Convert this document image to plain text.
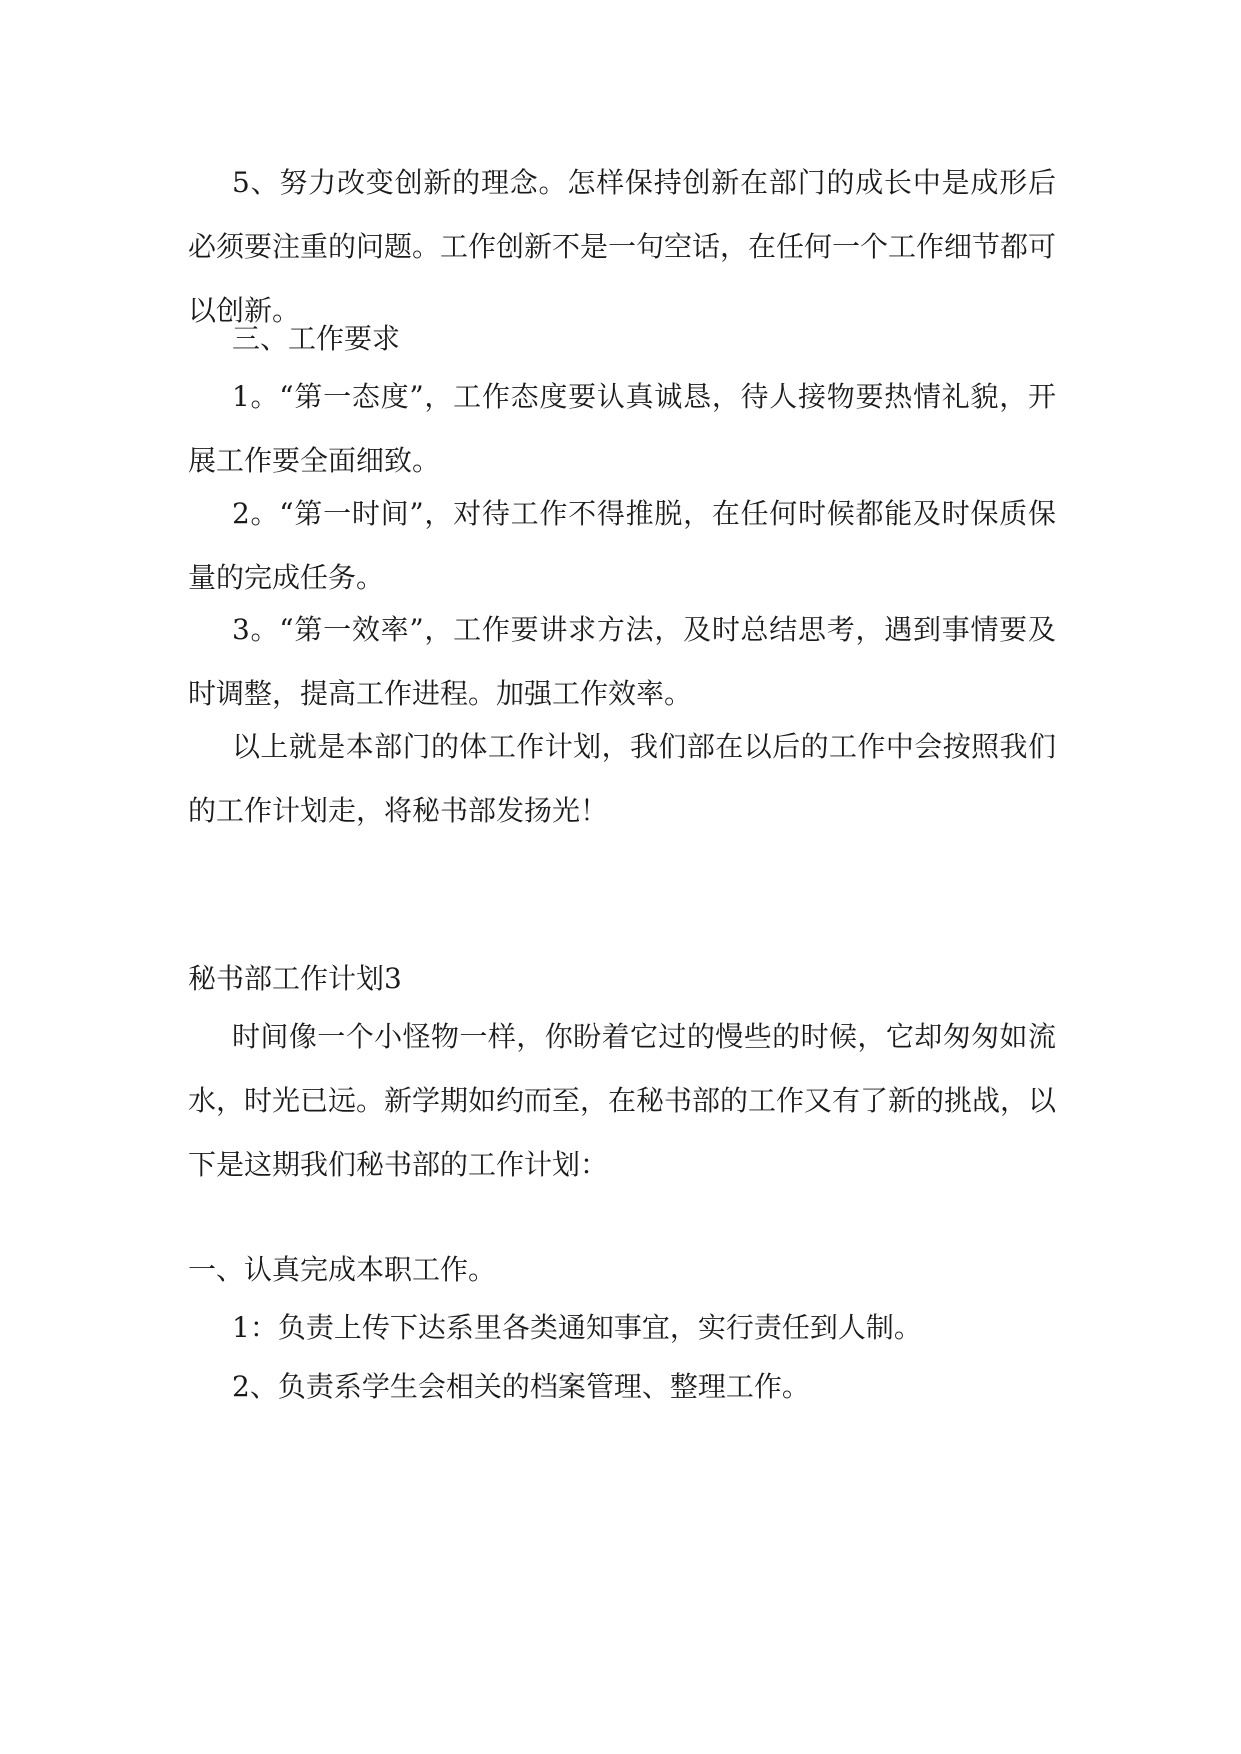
5、努力改变创新的理念。怎样保持创新在部门的成长中是成形后必须要注重的问题。工作创新不是一句空话，在任何一个工作细节都可以创新。

三、工作要求

1。“第一态度”，工作态度要认真诚恳，待人接物要热情礼貌，开展工作要全面细致。

2。“第一时间”，对待工作不得推脱，在任何时候都能及时保质保量的完成任务。

3。“第一效率”，工作要讲求方法，及时总结思考，遇到事情要及时调整，提高工作进程。加强工作效率。

以上就是本部门的体工作计划，我们部在以后的工作中会按照我们的工作计划走，将秘书部发扬光！

秘书部工作计划3

时间像一个小怪物一样，你盼着它过的慢些的时候，它却匆匆如流水，时光已远。新学期如约而至，在秘书部的工作又有了新的挑战，以下是这期我们秘书部的工作计划：

一、认真完成本职工作。

1：负责上传下达系里各类通知事宜，实行责任到人制。

2、负责系学生会相关的档案管理、整理工作。
